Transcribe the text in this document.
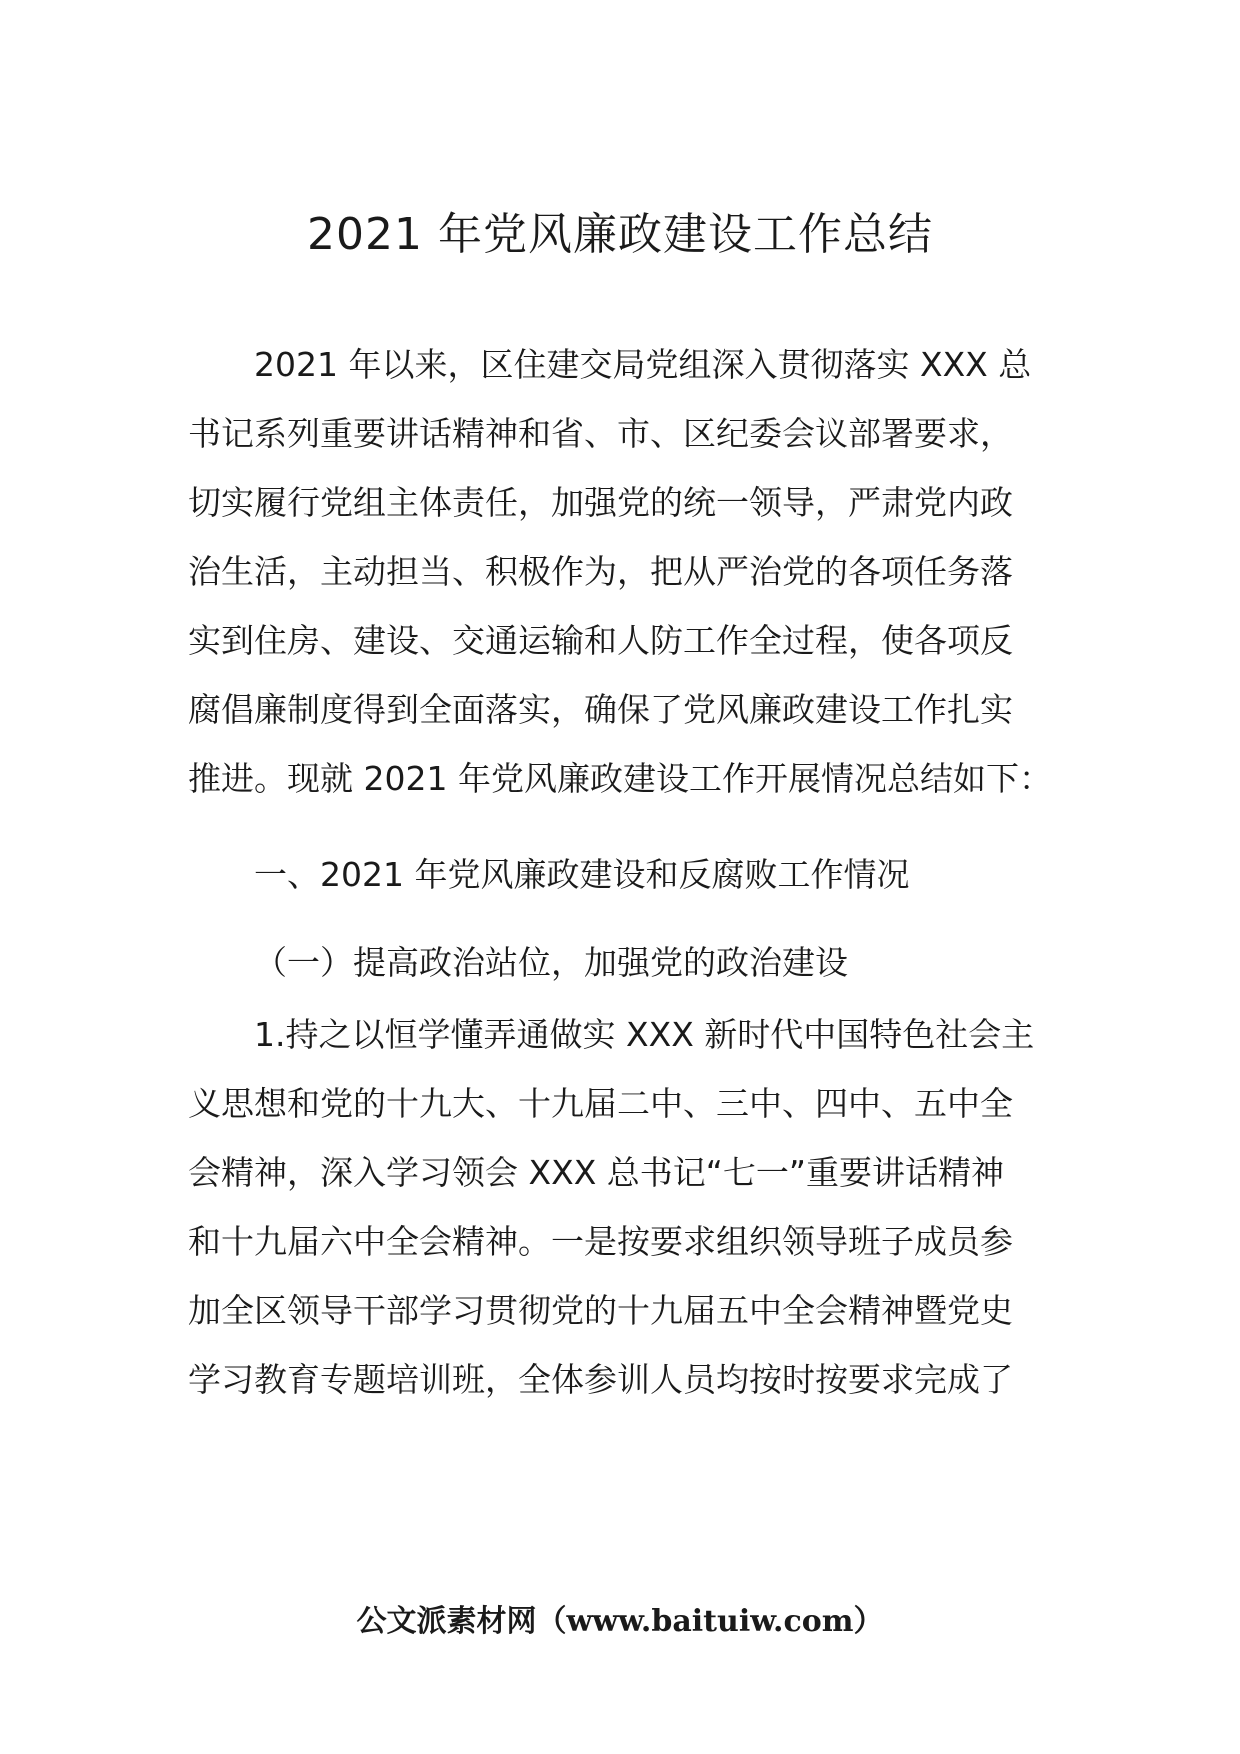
2021 年党风廉政建设工作总结
2021 年以来，区住建交局党组深入贯彻落实 XXX 总
书记系列重要讲话精神和省、市、区纪委会议部署要求，
切实履行党组主体责任，加强党的统一领导，严肃党内政
治生活，主动担当、积极作为，把从严治党的各项任务落
实到住房、建设、交通运输和人防工作全过程，使各项反
腐倡廉制度得到全面落实，确保了党风廉政建设工作扎实
推进。现就 2021 年党风廉政建设工作开展情况总结如下：
一、2021 年党风廉政建设和反腐败工作情况
（一）提高政治站位，加强党的政治建设
1.持之以恒学懂弄通做实 XXX 新时代中国特色社会主
义思想和党的十九大、十九届二中、三中、四中、五中全
会精神，深入学习领会 XXX 总书记“七一”重要讲话精神
和十九届六中全会精神。一是按要求组织领导班子成员参
加全区领导干部学习贯彻党的十九届五中全会精神暨党史
学习教育专题培训班，全体参训人员均按时按要求完成了
公文派素材网（www.baituiw.com）
